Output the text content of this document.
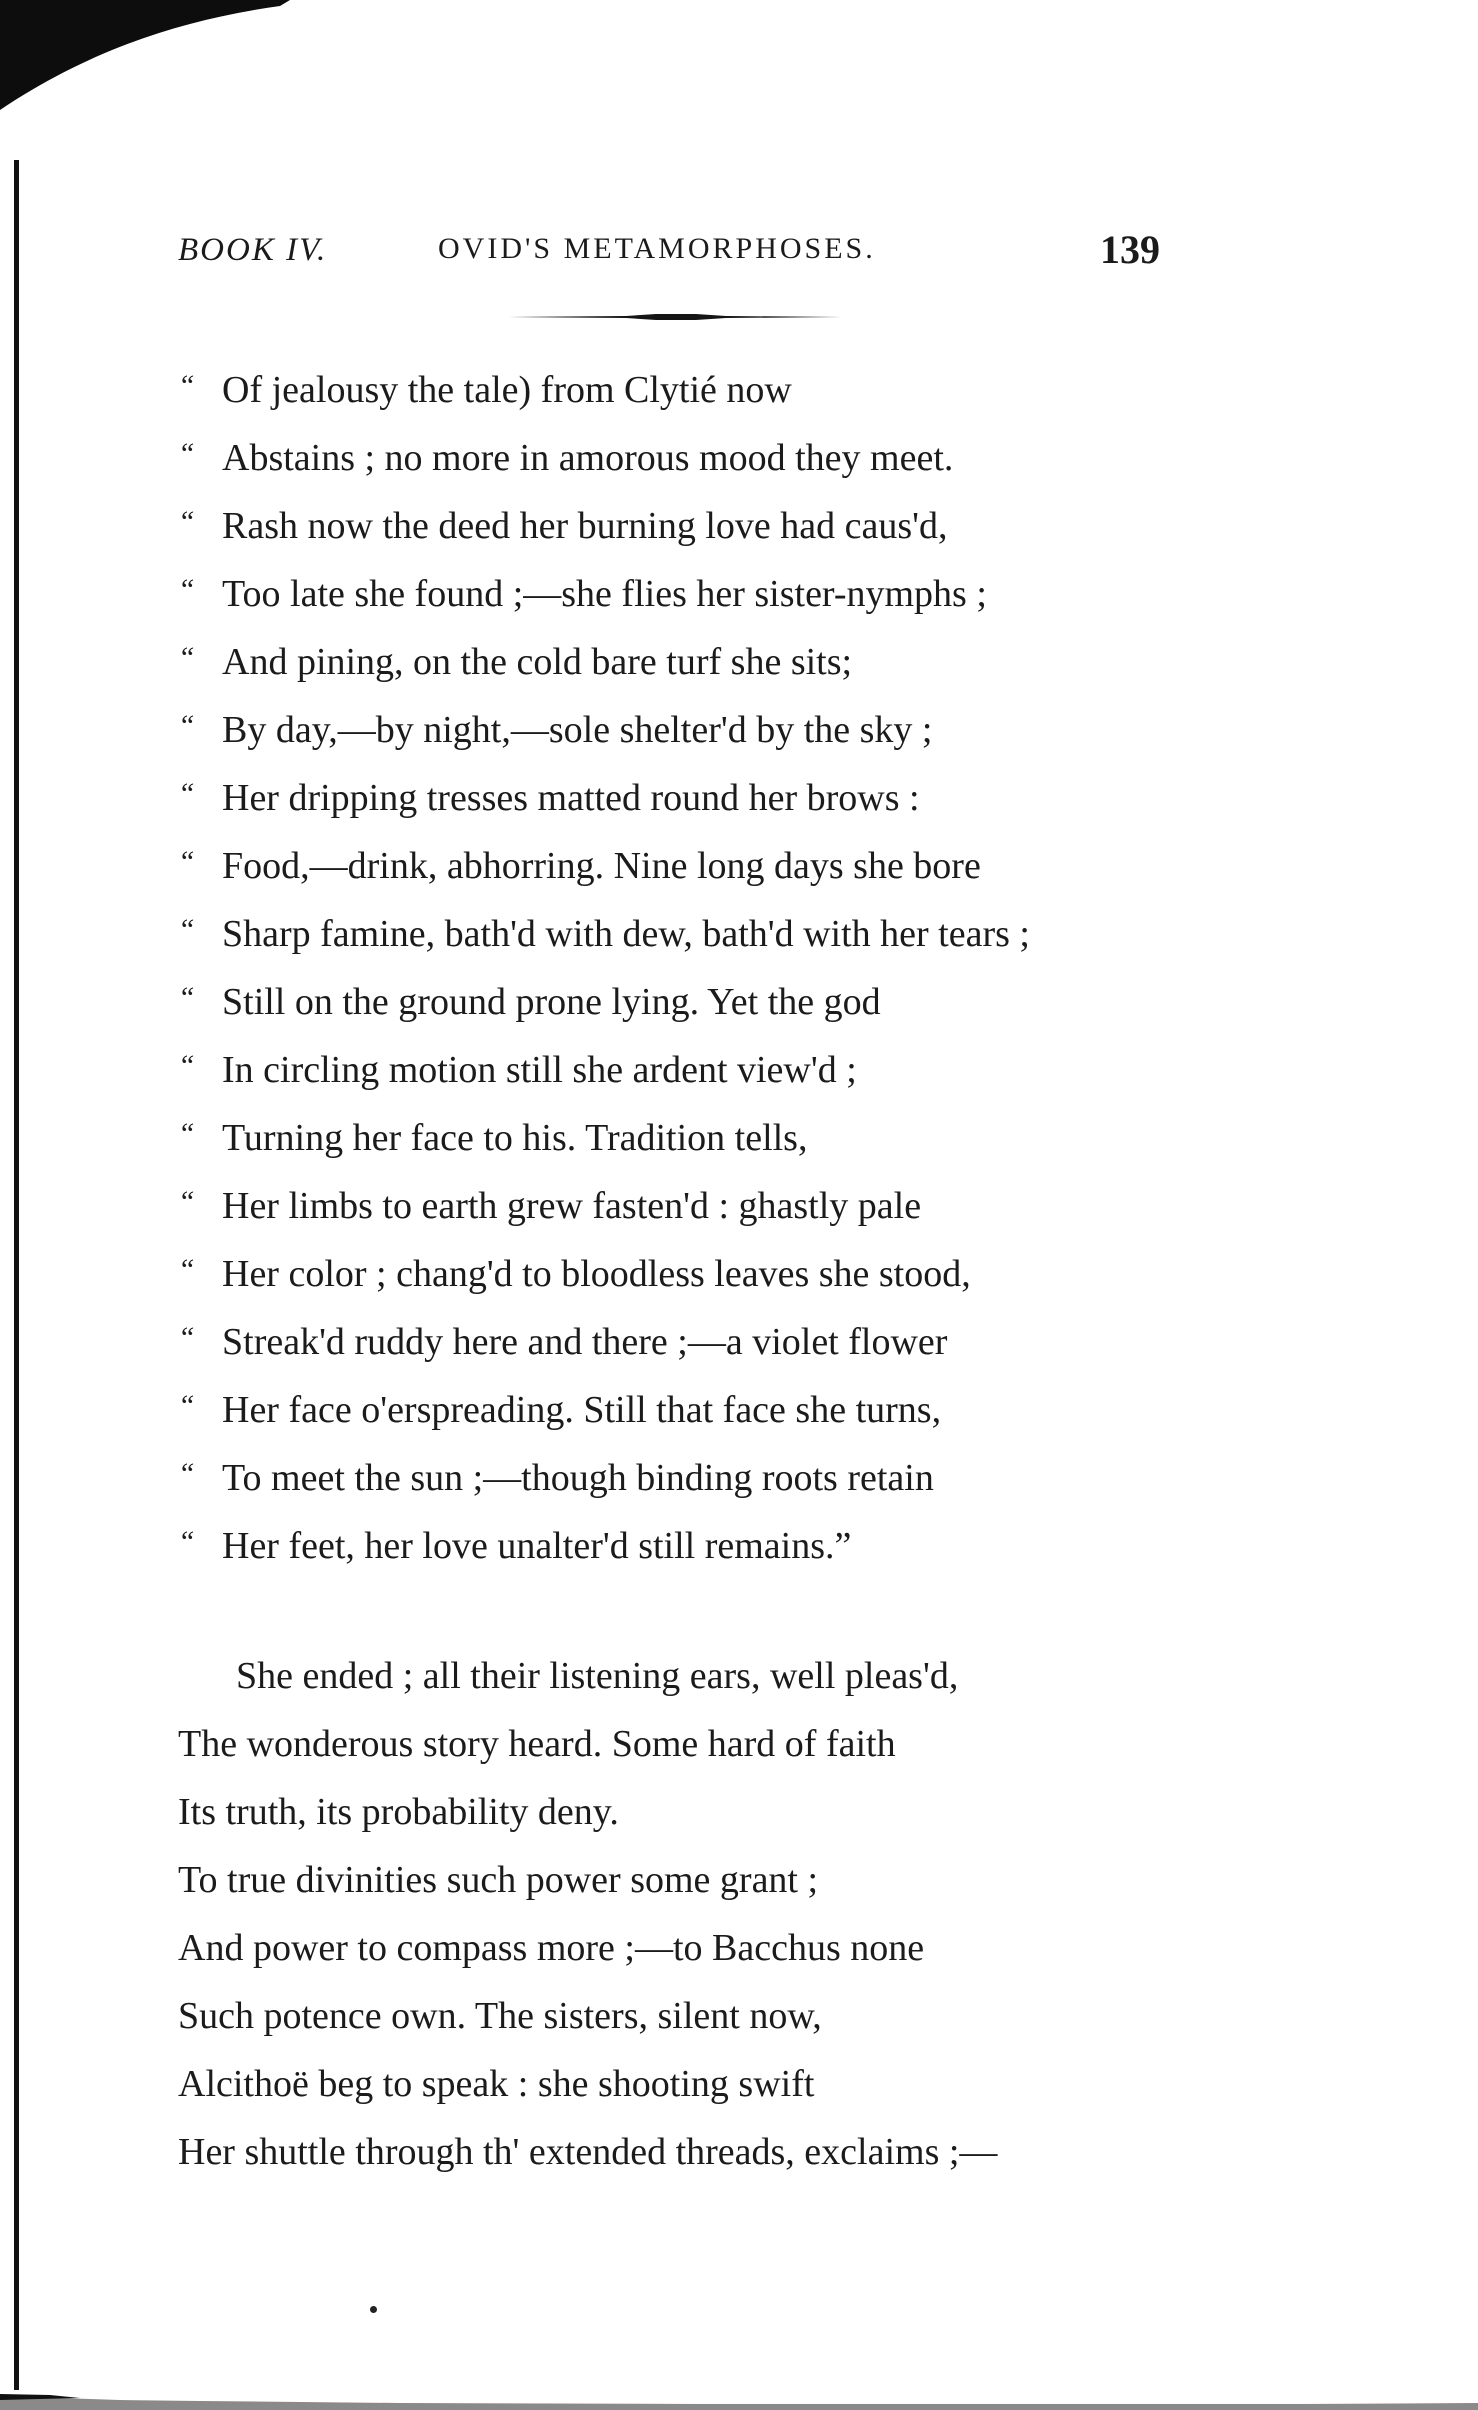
BOOK IV.	OVID'S METAMORPHOSES.	139
“ Of jealousy the tale) from Clytié now
“ Abstains ; no more in amorous mood they meet.
“ Rash now the deed her burning love had caus'd,
“ Too late she found ;—she flies her sister-nymphs ;
“ And pining, on the cold bare turf she sits;
“ By day,—by night,—sole shelter'd by the sky ;
“ Her dripping tresses matted round her brows :
“ Food,—drink, abhorring. Nine long days she bore
“ Sharp famine, bath'd with dew, bath'd with her tears ;
“ Still on the ground prone lying. Yet the god
“ In circling motion still she ardent view'd ;
“ Turning her face to his. Tradition tells,
“ Her limbs to earth grew fasten'd : ghastly pale
“ Her color ; chang'd to bloodless leaves she stood,
“ Streak'd ruddy here and there ;—a violet flower
“ Her face o'erspreading. Still that face she turns,
“ To meet the sun ;—though binding roots retain
“ Her feet, her love unalter'd still remains.”
She ended ; all their listening ears, well pleas'd,
The wonderous story heard. Some hard of faith
Its truth, its probability deny.
To true divinities such power some grant ;
And power to compass more ;—to Bacchus none
Such potence own. The sisters, silent now,
Alcithoë beg to speak : she shooting swift
Her shuttle through th' extended threads, exclaims ;—
